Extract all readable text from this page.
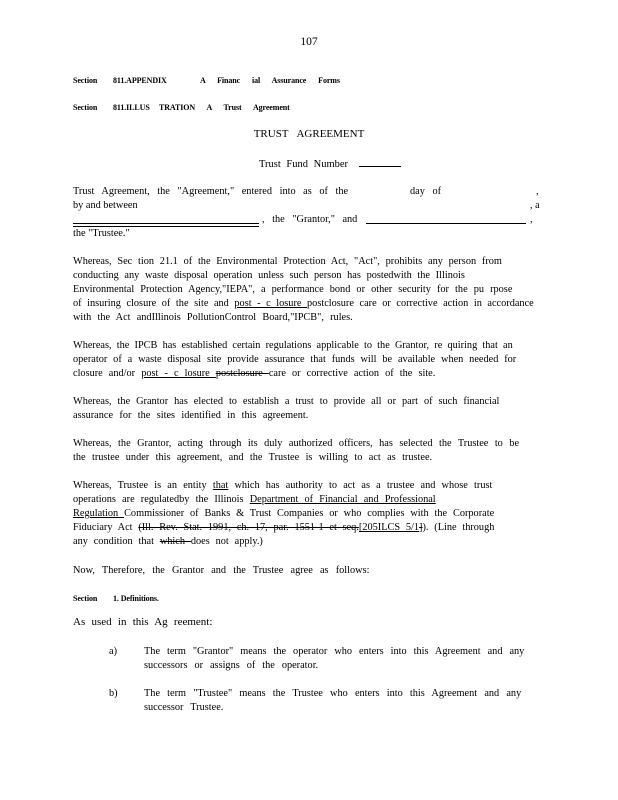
107
Section 811.APPENDIX	A Financ ial Assurance Forms
Section 811.ILLUS TRATION A Trust Agreement
TRUST AGREEMENT
Trust Fund Number
Trust Agreement, the "Agreement," entered into as of the	day of	,
by and between	, a
, the "Grantor," and	,
the "Trustee."
Whereas, Sec tion 21.1 of the Environmental Protection Act, "Act", prohibits any person from
conducting any waste disposal operation unless such person has postedwith the Illinois
Environmental Protection Agency,"IEPA", a performance bond or other security for the pu rpose
of insuring closure of the site and post - c losure postclosure care or corrective action in accordance
with the Act andIllinois PollutionControl Board,"IPCB", rules.
Whereas, the IPCB has established certain regulations applicable to the Grantor, re quiring that an
operator of a waste disposal site provide assurance that funds will be available when needed for
closure and/or post - c losure postclosure care or corrective action of the site.
Whereas, the Grantor has elected to establish a trust to provide all or part of such financial
assurance for the sites identified in this agreement.
Whereas, the Grantor, acting through its duly authorized officers, has selected the Trustee to be
the trustee under this agreement, and the Trustee is willing to act as trustee.
Whereas, Trustee is an entity that which has authority to act as a trustee and whose trust
operations are regulatedby the Illinois Department of Financial and Professional
Regulation Commissioner of Banks & Trust Companies or who complies with the Corporate
Fiduciary Act (Ill. Rev. Stat. 1991, ch. 17, par. 1551-1 et seq.[205ILCS 5/1]). (Line through
any condition that which does not apply.)
Now, Therefore, the Grantor and the Trustee agree as follows:
Section 1. Definitions.
As used in this Ag reement:
a)	The term "Grantor" means the operator who enters into this Agreement and any
successors or assigns of the operator.
b)	The term "Trustee" means the Trustee who enters into this Agreement and any
successor Trustee.
